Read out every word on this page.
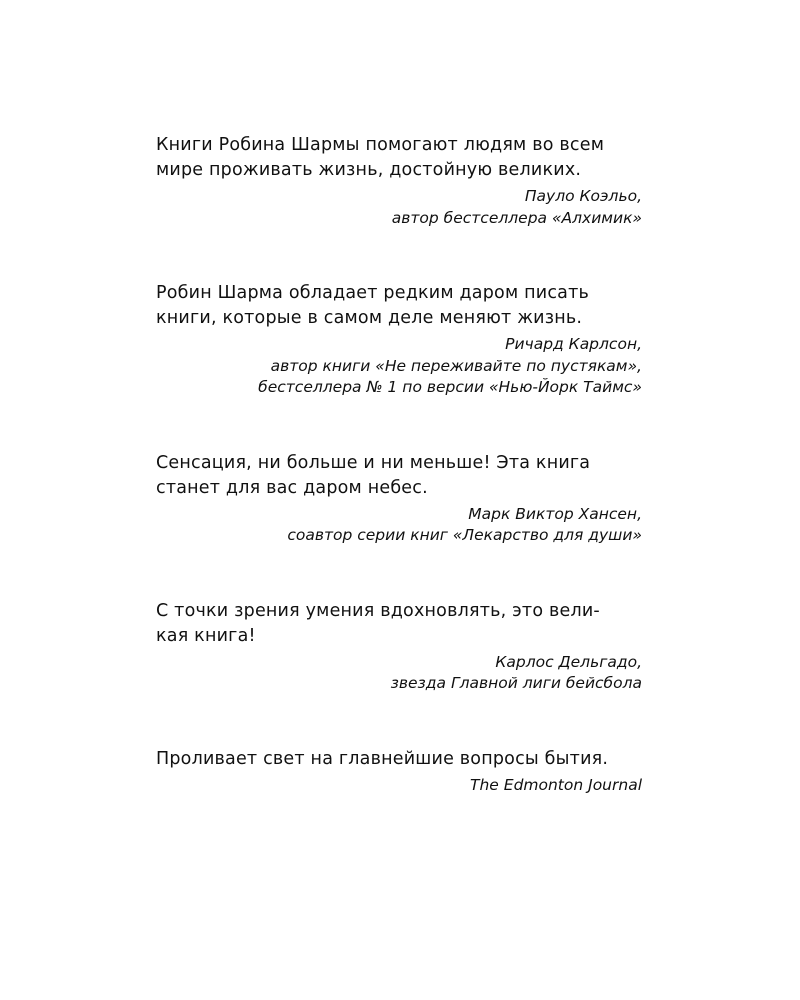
Книги Робина Шармы помогают людям во всем
мире проживать жизнь, достойную великих.

Пауло Коэльо,
автор бестселлера «Алхимик»

Робин Шарма обладает редким даром писать
книги, которые в самом деле меняют жизнь.

Ричард Карлсон,
автор книги «Не переживайте по пустякам»,
бестселлера № 1 по версии «Нью-Йорк Таймс»

Сенсация, ни больше и ни меньше! Эта книга
станет для вас даром небес.

Марк Виктор Хансен,
соавтор серии книг «Лекарство для души»

С точки зрения умения вдохновлять, это вели-
кая книга!

Карлос Дельгадо,
звезда Главной лиги бейсбола

Проливает свет на главнейшие вопросы бытия.

The Edmonton Journal
